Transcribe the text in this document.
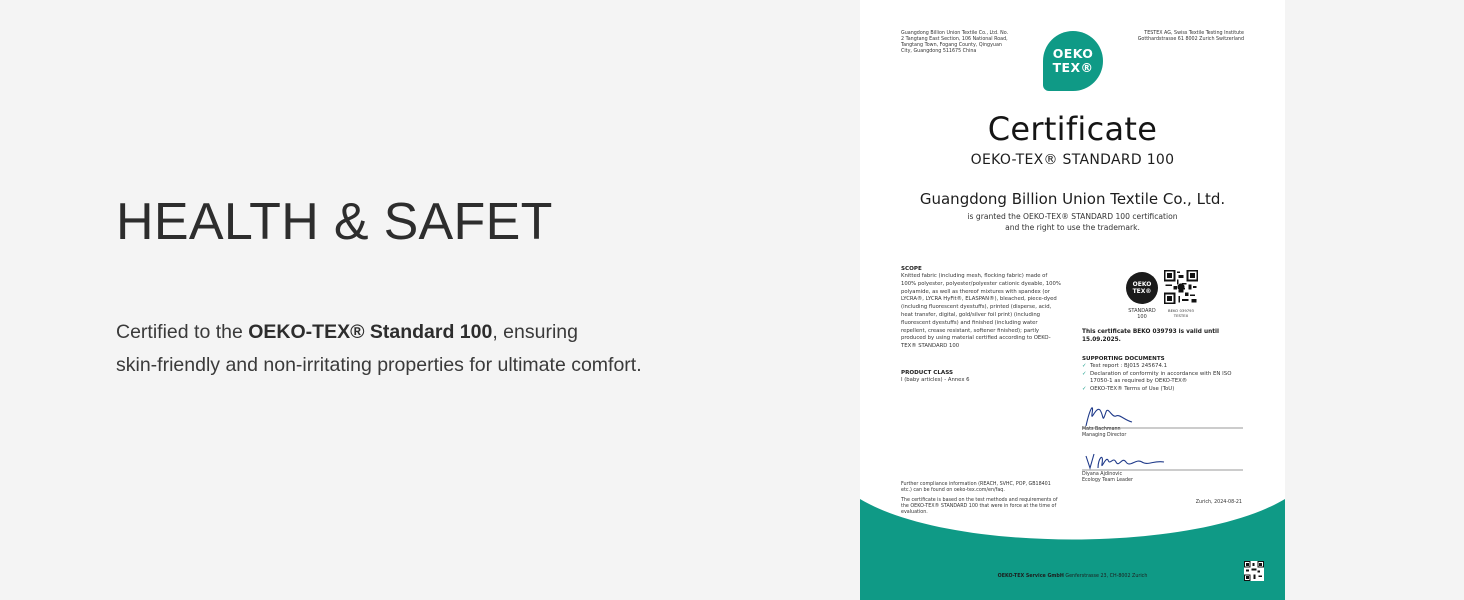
HEALTH & SAFET

Certified to the OEKO-TEX® Standard 100, ensuring
skin-friendly and non-irritating properties for ultimate comfort.

Guangdong Billion Union Textile Co., Ltd. No. 2 Tangtang East Section, 106 National Road, Tangtang Town, Fogang County, Qingyuan City, Guangdong 511675 China
TESTEX AG, Swiss Textile Testing Institute Gotthardstrasse 61 8002 Zurich Switzerland
OEKO
TEX®
Certificate
OEKO-TEX® STANDARD 100
Guangdong Billion Union Textile Co., Ltd.
is granted the OEKO-TEX® STANDARD 100 certification
and the right to use the trademark.
SCOPE
Knitted fabric (including mesh, flocking fabric) made of 100% polyester, polyester/polyester cationic dyeable, 100% polyamide, as well as thereof mixtures with spandex (or LYCRA®, LYCRA HyFit®, ELASPAN®), bleached, piece-dyed (including fluorescent dyestuffs), printed (disperse, acid, heat transfer, digital, gold/silver foil print) (including fluorescent dyestuffs) and finished (including water repellent, crease resistant, softener finished); partly produced by using material certified according to OEKO-TEX® STANDARD 100
PRODUCT CLASS
I (baby articles) - Annex 6
OEKO
TEX®
STANDARD
100
BEKO 039793
TESTEX
This certificate BEKO 039793 is valid until
15.09.2025.
SUPPORTING DOCUMENTS
✓ Test report : BJ015 245674.1
✓ Declaration of conformity in accordance with EN ISO 17050-1 as required by OEKO-TEX®
✓ OEKO-TEX® Terms of Use (ToU)
Mats Bachmann
Managing Director
Diyana Ajdinovic
Ecology Team Leader
Further compliance information (REACH, SVHC, POP, GB18401 etc.) can be found on oeko-tex.com/en/faq.
The certificate is based on the test methods and requirements of the OEKO-TEX® STANDARD 100 that were in force at the time of evaluation.
Zurich, 2024-08-21
OEKO-TEX Service GmbH Genferstrasse 23, CH-8002 Zurich
